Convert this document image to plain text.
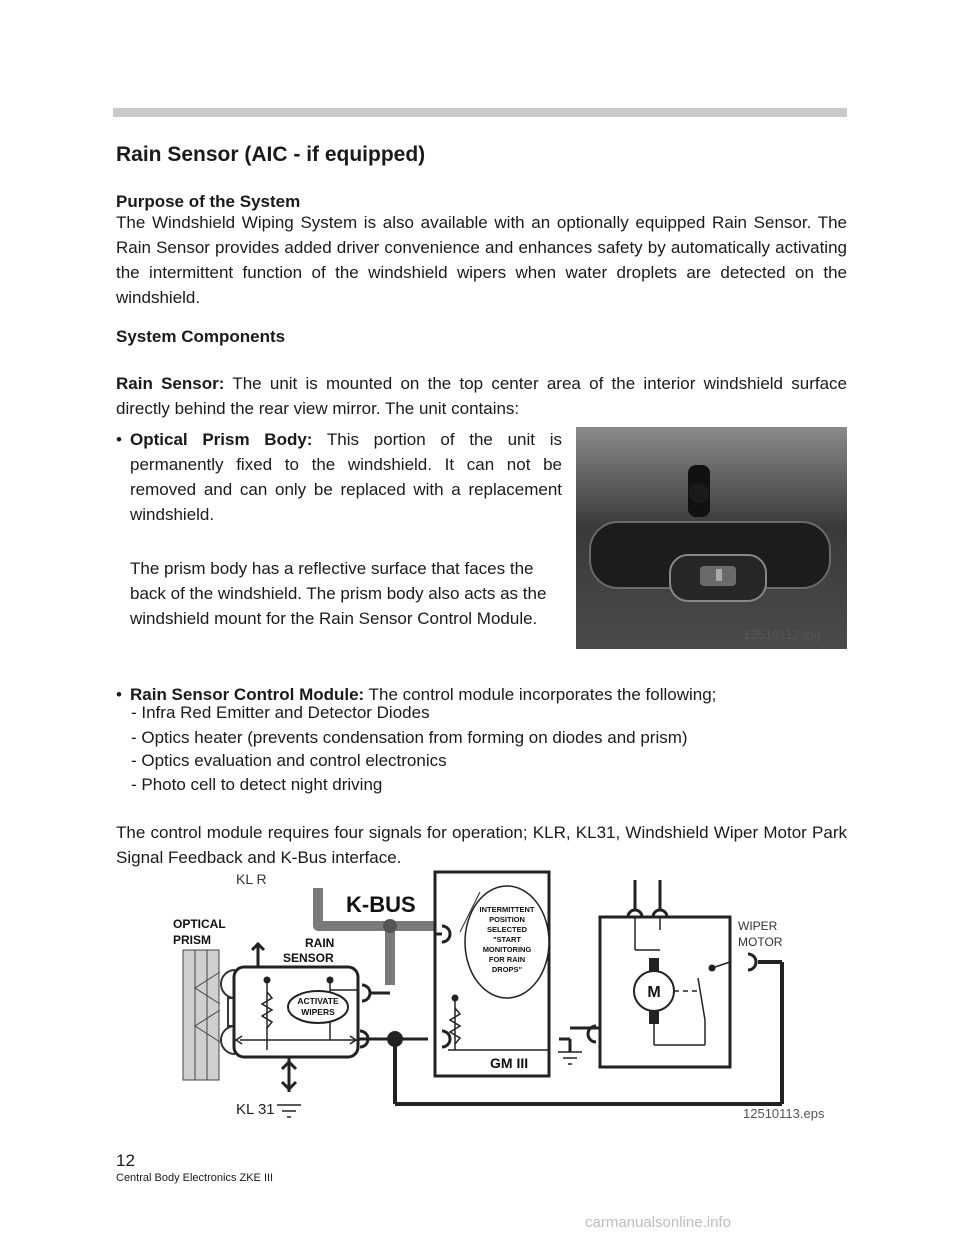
Rain Sensor (AIC - if equipped)
Purpose of the System
The Windshield Wiping System is also available with an optionally equipped Rain Sensor. The Rain Sensor provides added driver convenience and enhances safety by automatically activating the intermittent function of the windshield wipers when water droplets are detected on the windshield.
System Components
Rain Sensor: The unit is mounted on the top center area of the interior windshield surface directly behind the rear view mirror. The unit contains:
• Optical Prism Body: This portion of the unit is permanently fixed to the windshield. It can not be removed and can only be replaced with a replacement windshield.
The prism body has a reflective surface that faces the back of the windshield. The prism body also acts as the windshield mount for the Rain Sensor Control Module.
12510112.jpg
• Rain Sensor Control Module: The control module incorporates the following;
- Infra Red Emitter and Detector Diodes
- Optics heater (prevents condensation from forming on diodes and prism)
- Optics evaluation and control electronics
- Photo cell to detect night driving
The control module requires four signals for operation; KLR, KL31, Windshield Wiper Motor Park Signal Feedback and K-Bus interface.
KL R
K-BUS
OPTICAL
PRISM	RAIN
SENSOR
ACTIVATE
WIPERS
KL 31
GM III
INTERMITTENT
POSITION
SELECTED
"START
MONITORING
FOR RAIN
DROPS"
WIPER
MOTOR
M
12510113.eps
12
Central Body Electronics ZKE III
carmanualsonline.info
